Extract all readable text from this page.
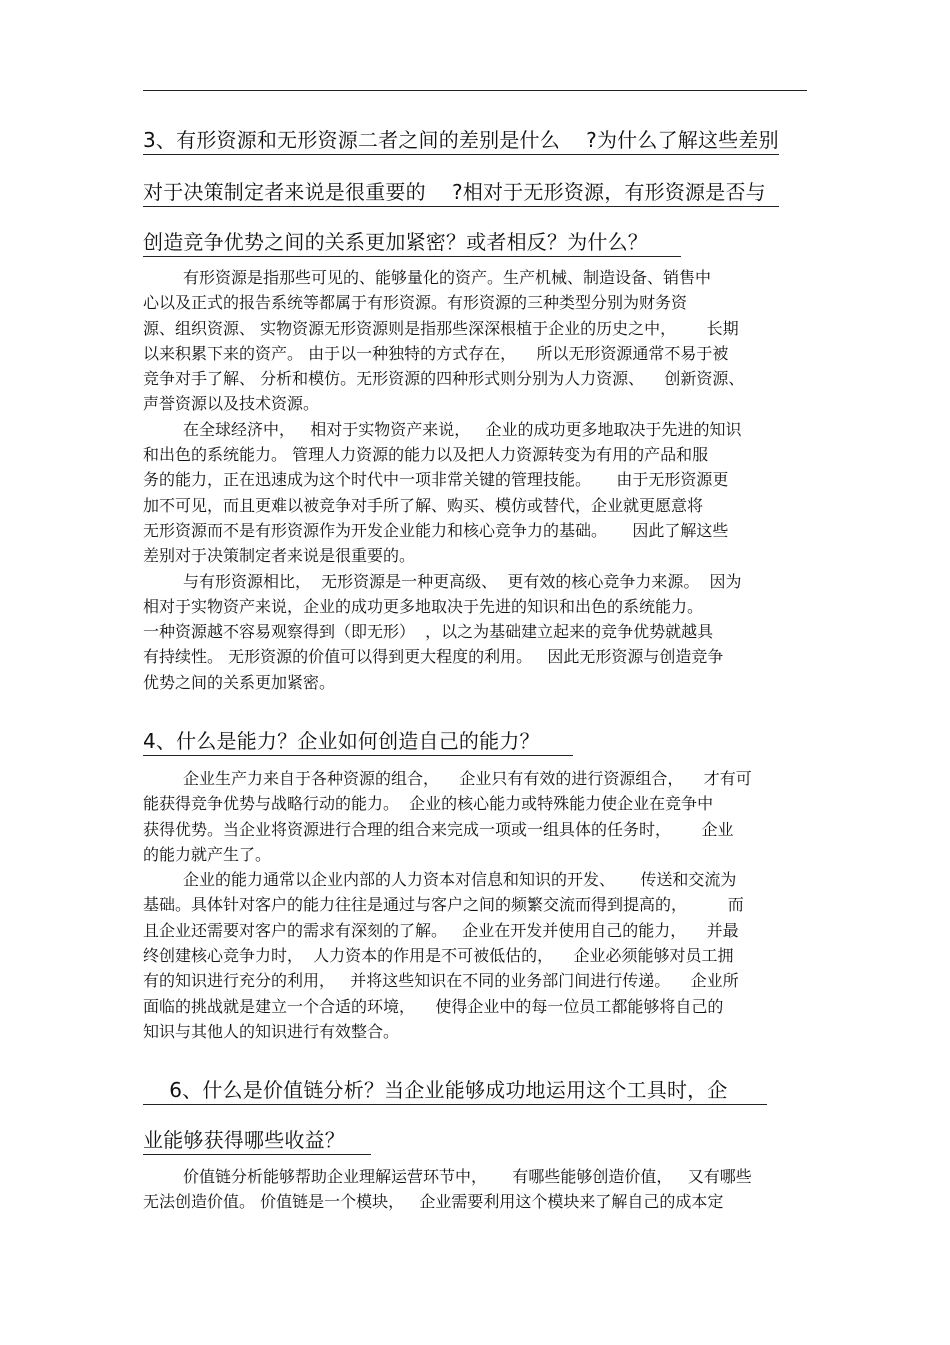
3、有形资源和无形资源二者之间的差别是什么    ?为什么了解这些差别
对于决策制定者来说是很重要的    ?相对于无形资源，有形资源是否与
创造竞争优势之间的关系更加紧密？或者相反？为什么？
有形资源是指那些可见的、能够量化的资产。生产机械、制造设备、销售中
心以及正式的报告系统等都属于有形资源。有形资源的三种类型分别为财务资
源、组织资源、 实物资源无形资源则是指那些深深根植于企业的历史之中，      长期
以来积累下来的资产。 由于以一种独特的方式存在，    所以无形资源通常不易于被
竞争对手了解、 分析和模仿。无形资源的四种形式则分别为人力资源、    创新资源、
声誉资源以及技术资源。
在全球经济中，   相对于实物资产来说，   企业的成功更多地取决于先进的知识
和出色的系统能力。 管理人力资源的能力以及把人力资源转变为有用的产品和服
务的能力，正在迅速成为这个时代中一项非常关键的管理技能。     由于无形资源更
加不可见，而且更难以被竞争对手所了解、购买、模仿或替代，企业就更愿意将
无形资源而不是有形资源作为开发企业能力和核心竞争力的基础。     因此了解这些
差别对于决策制定者来说是很重要的。
与有形资源相比，  无形资源是一种更高级、  更有效的核心竞争力来源。  因为
相对于实物资产来说，企业的成功更多地取决于先进的知识和出色的系统能力。
一种资源越不容易观察得到（即无形）  ，以之为基础建立起来的竞争优势就越具
有持续性。 无形资源的价值可以得到更大程度的利用。   因此无形资源与创造竞争
优势之间的关系更加紧密。
4、什么是能力？企业如何创造自己的能力？
企业生产力来自于各种资源的组合，    企业只有有效的进行资源组合，    才有可
能获得竞争优势与战略行动的能力。  企业的核心能力或特殊能力使企业在竞争中
获得优势。当企业将资源进行合理的组合来完成一项或一组具体的任务时，      企业
的能力就产生了。
企业的能力通常以企业内部的人力资本对信息和知识的开发、     传送和交流为
基础。具体针对客户的能力往往是通过与客户之间的频繁交流而得到提高的，        而
且企业还需要对客户的需求有深刻的了解。   企业在开发并使用自己的能力，    并最
终创建核心竞争力时，  人力资本的作用是不可被低估的，    企业必须能够对员工拥
有的知识进行充分的利用，   并将这些知识在不同的业务部门间进行传递。    企业所
面临的挑战就是建立一个合适的环境，    使得企业中的每一位员工都能够将自己的
知识与其他人的知识进行有效整合。
6、什么是价值链分析？当企业能够成功地运用这个工具时，企
业能够获得哪些收益？
价值链分析能够帮助企业理解运营环节中，     有哪些能够创造价值，   又有哪些
无法创造价值。 价值链是一个模块，   企业需要利用这个模块来了解自己的成本定
